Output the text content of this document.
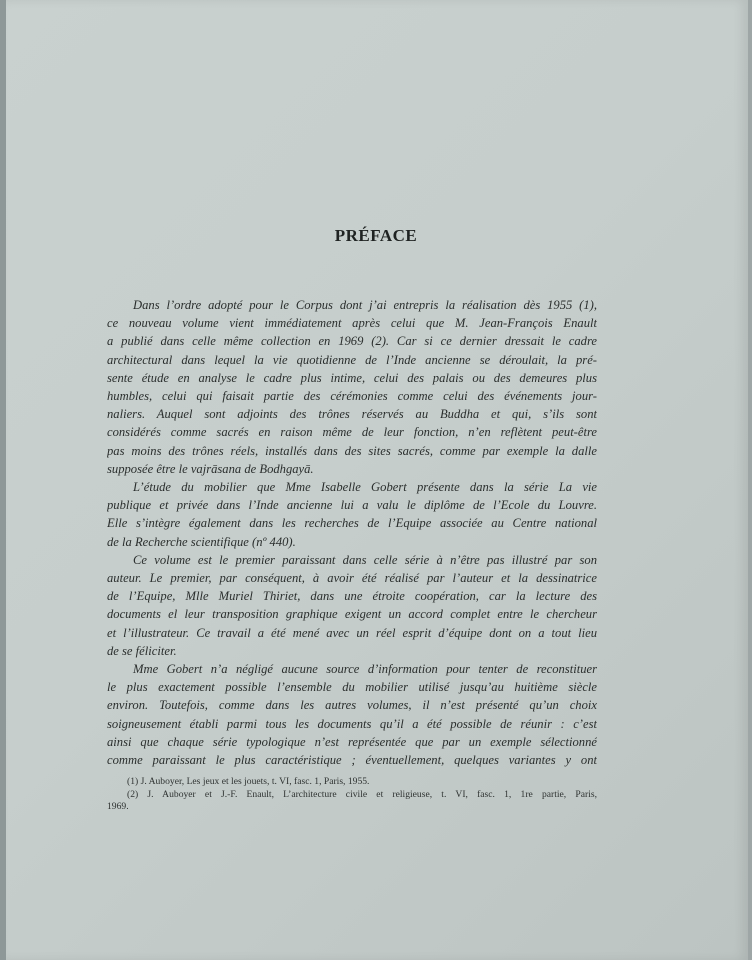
PRÉFACE
Dans l’ordre adopté pour le Corpus dont j’ai entrepris la réalisation dès 1955 (1),
ce nouveau volume vient immédiatement après celui que M. Jean-François Enault
a publié dans celle même collection en 1969 (2). Car si ce dernier dressait le cadre
architectural dans lequel la vie quotidienne de l’Inde ancienne se déroulait, la pré-
sente étude en analyse le cadre plus intime, celui des palais ou des demeures plus
humbles, celui qui faisait partie des cérémonies comme celui des événements jour-
naliers. Auquel sont adjoints des trônes réservés au Buddha et qui, s’ils sont
considérés comme sacrés en raison même de leur fonction, n’en reflètent peut-être
pas moins des trônes réels, installés dans des sites sacrés, comme par exemple la dalle
supposée être le vajrāsana de Bodhgayā.
L’étude du mobilier que Mme Isabelle Gobert présente dans la série La vie
publique et privée dans l’Inde ancienne lui a valu le diplôme de l’Ecole du Louvre.
Elle s’intègre également dans les recherches de l’Equipe associée au Centre national
de la Recherche scientifique (nº 440).
Ce volume est le premier paraissant dans celle série à n’être pas illustré par son
auteur. Le premier, par conséquent, à avoir été réalisé par l’auteur et la dessinatrice
de l’Equipe, Mlle Muriel Thiriet, dans une étroite coopération, car la lecture des
documents el leur transposition graphique exigent un accord complet entre le chercheur
et l’illustrateur. Ce travail a été mené avec un réel esprit d’équipe dont on a tout lieu
de se féliciter.
Mme Gobert n’a négligé aucune source d’information pour tenter de reconstituer
le plus exactement possible l’ensemble du mobilier utilisé jusqu’au huitième siècle
environ. Toutefois, comme dans les autres volumes, il n’est présenté qu’un choix
soigneusement établi parmi tous les documents qu’il a été possible de réunir : c’est
ainsi que chaque série typologique n’est représentée que par un exemple sélectionné
comme paraissant le plus caractéristique ; éventuellement, quelques variantes y ont
(1) J. Auboyer, Les jeux et les jouets, t. VI, fasc. 1, Paris, 1955.
(2) J. Auboyer et J.-F. Enault, L’architecture civile et religieuse, t. VI, fasc. 1, 1re partie, Paris,
1969.
